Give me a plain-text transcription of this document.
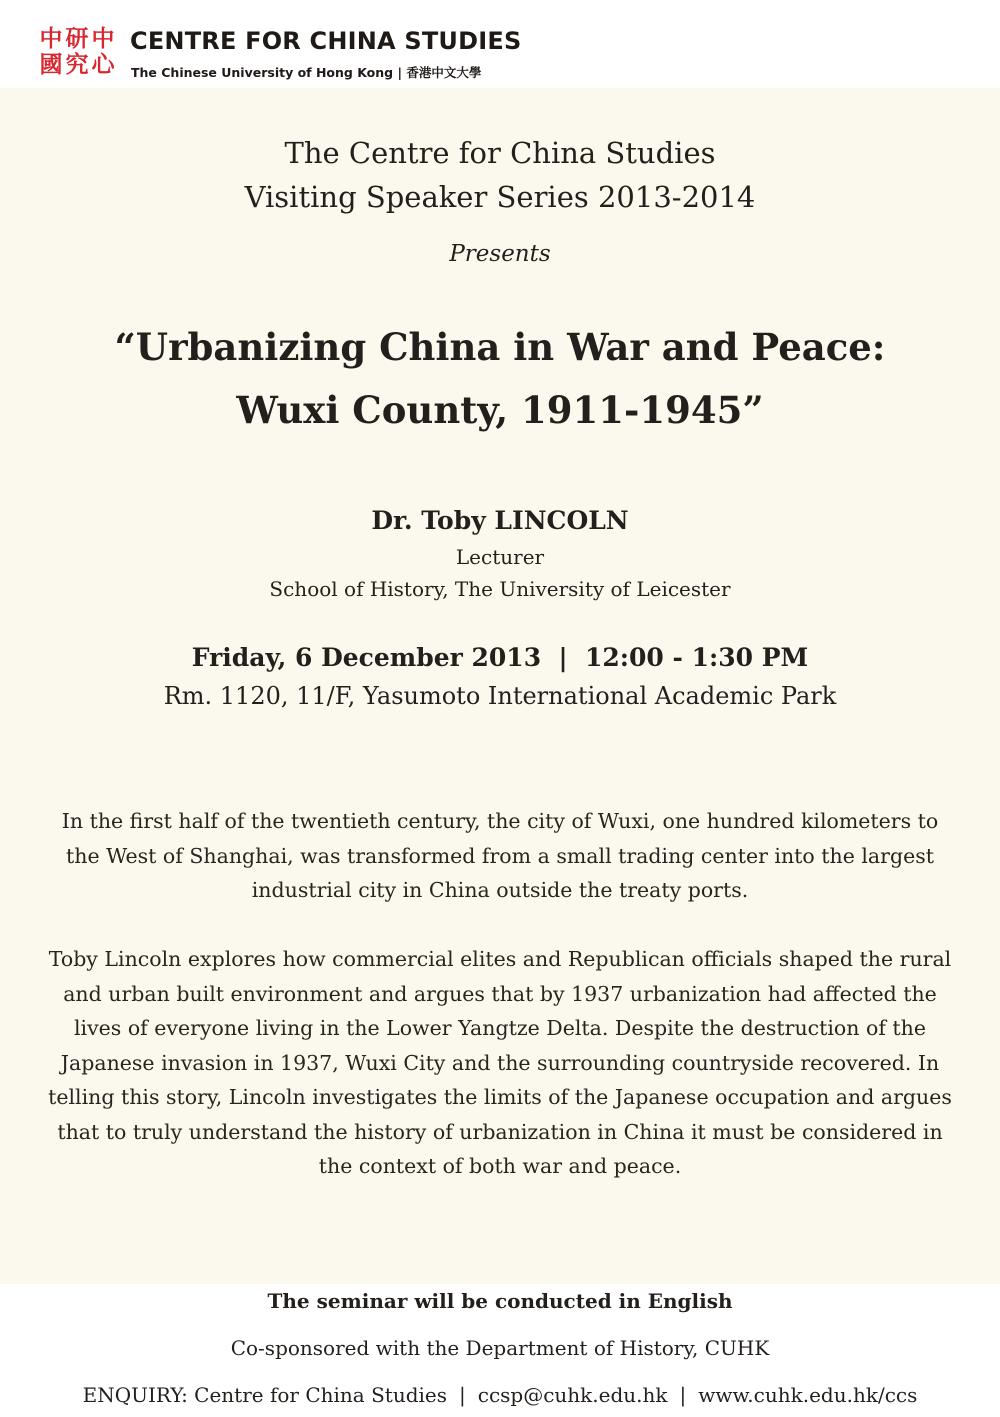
中
國
研
究
中
心
CENTRE FOR CHINA STUDIES
The Chinese University of Hong Kong | 香港中文大學
The Centre for China Studies
Visiting Speaker Series 2013-2014
Presents
“Urbanizing China in War and Peace:
Wuxi County, 1911-1945”
Dr. Toby LINCOLN
Lecturer
School of History, The University of Leicester
Friday, 6 December 2013  |  12:00 - 1:30 PM
Rm. 1120, 11/F, Yasumoto International Academic Park
In the first half of the twentieth century, the city of Wuxi, one hundred kilometers to the West of Shanghai, was transformed from a small trading center into the largest industrial city in China outside the treaty ports.
Toby Lincoln explores how commercial elites and Republican officials shaped the rural and urban built environment and argues that by 1937 urbanization had affected the lives of everyone living in the Lower Yangtze Delta. Despite the destruction of the Japanese invasion in 1937, Wuxi City and the surrounding countryside recovered. In telling this story, Lincoln investigates the limits of the Japanese occupation and argues that to truly understand the history of urbanization in China it must be considered in the context of both war and peace.
The seminar will be conducted in English
Co-sponsored with the Department of History, CUHK
ENQUIRY: Centre for China Studies | ccsp@cuhk.edu.hk | www.cuhk.edu.hk/ccs
